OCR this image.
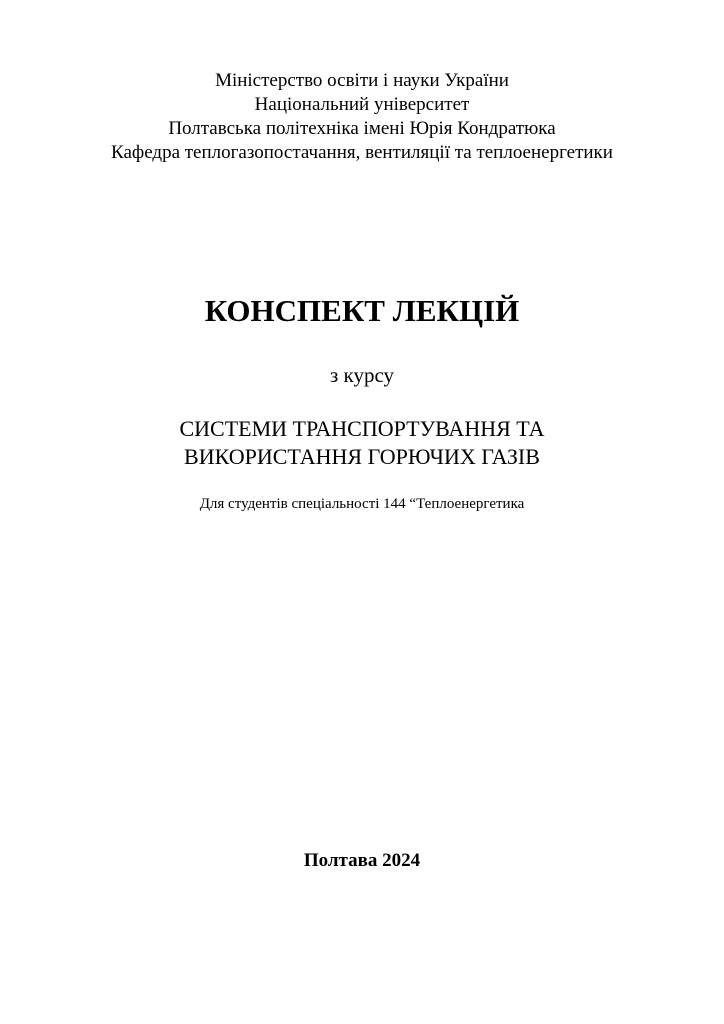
Міністерство освіти і науки України
Національний університет
Полтавська політехніка імені Юрія Кондратюка
Кафедра теплогазопостачання, вентиляції та теплоенергетики
КОНСПЕКТ ЛЕКЦІЙ
з курсу
СИСТЕМИ ТРАНСПОРТУВАННЯ ТА
ВИКОРИСТАННЯ ГОРЮЧИХ ГАЗІВ
Для студентів спеціальності 144 “Теплоенергетика
Полтава 2024
